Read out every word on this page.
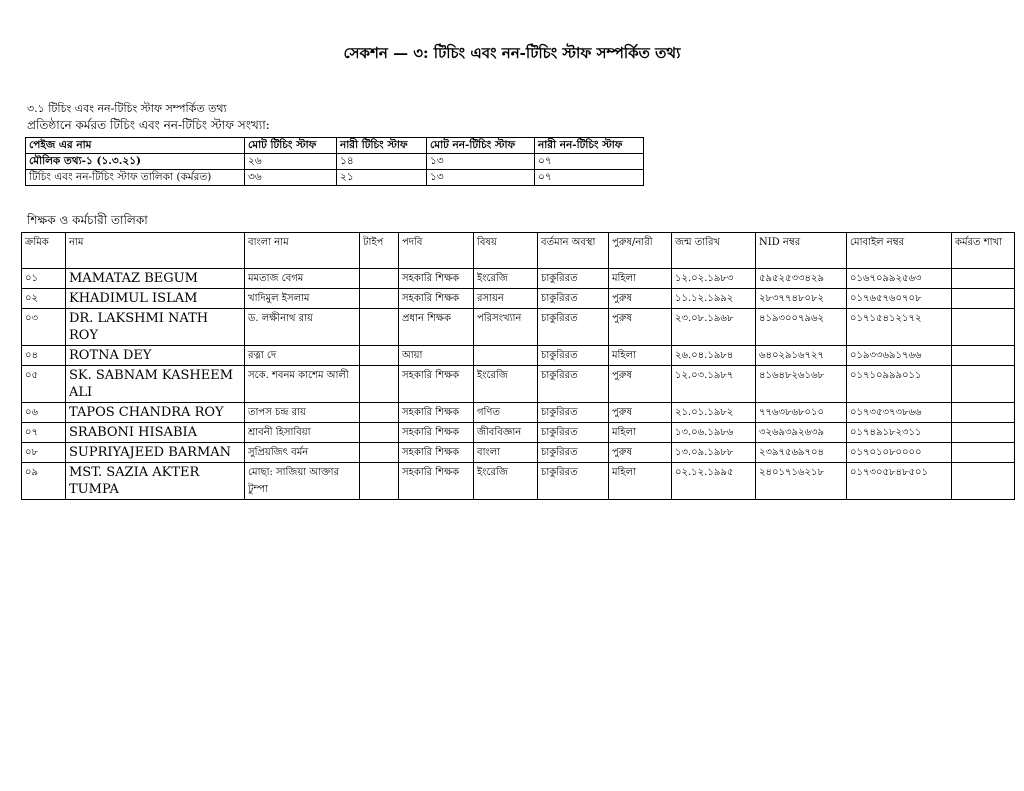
সেকশন — ৩: টিচিং এবং নন-টিচিং স্টাফ সম্পর্কিত তথ্য
৩.১ টিচিং এবং নন-টিচিং স্টাফ সম্পর্কিত তথ্য
প্রতিষ্ঠানে কর্মরত টিচিং এবং নন-টিচিং স্টাফ সংখ্যা:
পেইজ এর নাম	মোট টিচিং স্টাফ	নারী টিচিং স্টাফ	মোট নন-টিচিং স্টাফ	নারী নন-টিচিং স্টাফ
মৌলিক তথ্য-১ (১.৩.২১)	২৬	১৪	১৩	০৭
টিচিং এবং নন-টিচিং স্টাফ তালিকা (কর্মরত)	৩৬	২১	১৩	০৭
শিক্ষক ও কর্মচারী তালিকা
ক্রমিক	নাম	বাংলা নাম	টাইপ	পদবি	বিষয়	বর্তমান অবস্থা	পুরুষ/নারী	জন্ম তারিখ	NID নম্বর	মোবাইল নম্বর	কর্মরত শাখা
০১	MAMATAZ BEGUM	মমতাজ বেগম		সহকারি শিক্ষক	ইংরেজি	চাকুরিরত	মহিলা	১২.০২.১৯৮৩	৫৯৫২৫৩৩৪২৯	০১৬৭০৯৯২৫৬৩	
০২	KHADIMUL ISLAM	খাদিমুল ইসলাম		সহকারি শিক্ষক	রসায়ন	চাকুরিরত	পুরুষ	১১.১২.১৯৯২	২৮৩৭৭৪৮০৮২	০১৭৬৫৭৬০৭০৮	
০৩	DR. LAKSHMI NATH ROY	ড. লক্ষীনাথ রায়		প্রধান শিক্ষক	পরিসংখ্যান	চাকুরিরত	পুরুষ	২৩.০৮.১৯৬৮	৪১৯৩০০৭৯৬২	০১৭১৫৪১২১৭২	
০৪	ROTNA DEY	রত্না দে		আয়া		চাকুরিরত	মহিলা	২৬.০৪.১৯৮৪	৬৪০২৯১৬৭২৭	০১৯৩৩৬৯১৭৬৬	
০৫	SK. SABNAM KASHEEM ALI	সকে. শবনম কাশেম আলী		সহকারি শিক্ষক	ইংরেজি	চাকুরিরত	পুরুষ	১২.০৩.১৯৮৭	৪১৬৪৮২৬১৬৮	০১৭১০৯৯৯০১১	
০৬	TAPOS CHANDRA ROY	তাপস চন্দ্র রায়		সহকারি শিক্ষক	গণিত	চাকুরিরত	পুরুষ	২১.০১.১৯৮২	৭৭৬৩৮৬৮০১০	০১৭৩৫৩৭৩৮৬৬	
০৭	SRABONI HISABIA	শ্রাবনী হিসাবিয়া		সহকারি শিক্ষক	জীববিজ্ঞান	চাকুরিরত	মহিলা	১৩.০৬.১৯৮৬	৩২৬৯৩৯২৬৩৯	০১৭৪৯১৮২৩১১	
০৮	SUPRIYAJEED BARMAN	সুপ্রিয়জিৎ বর্মন		সহকারি শিক্ষক	বাংলা	চাকুরিরত	পুরুষ	১৩.০৯.১৯৮৮	২৩৯৭৫৬৯৭০৪	০১৭০১০৮০০০০	
০৯	MST. SAZIA AKTER TUMPA	মোছা: সাজিয়া আক্তার টুম্পা		সহকারি শিক্ষক	ইংরেজি	চাকুরিরত	মহিলা	০২.১২.১৯৯৫	২৪০১৭১৬২১৮	০১৭৩০৫৮৪৮৫০১	
